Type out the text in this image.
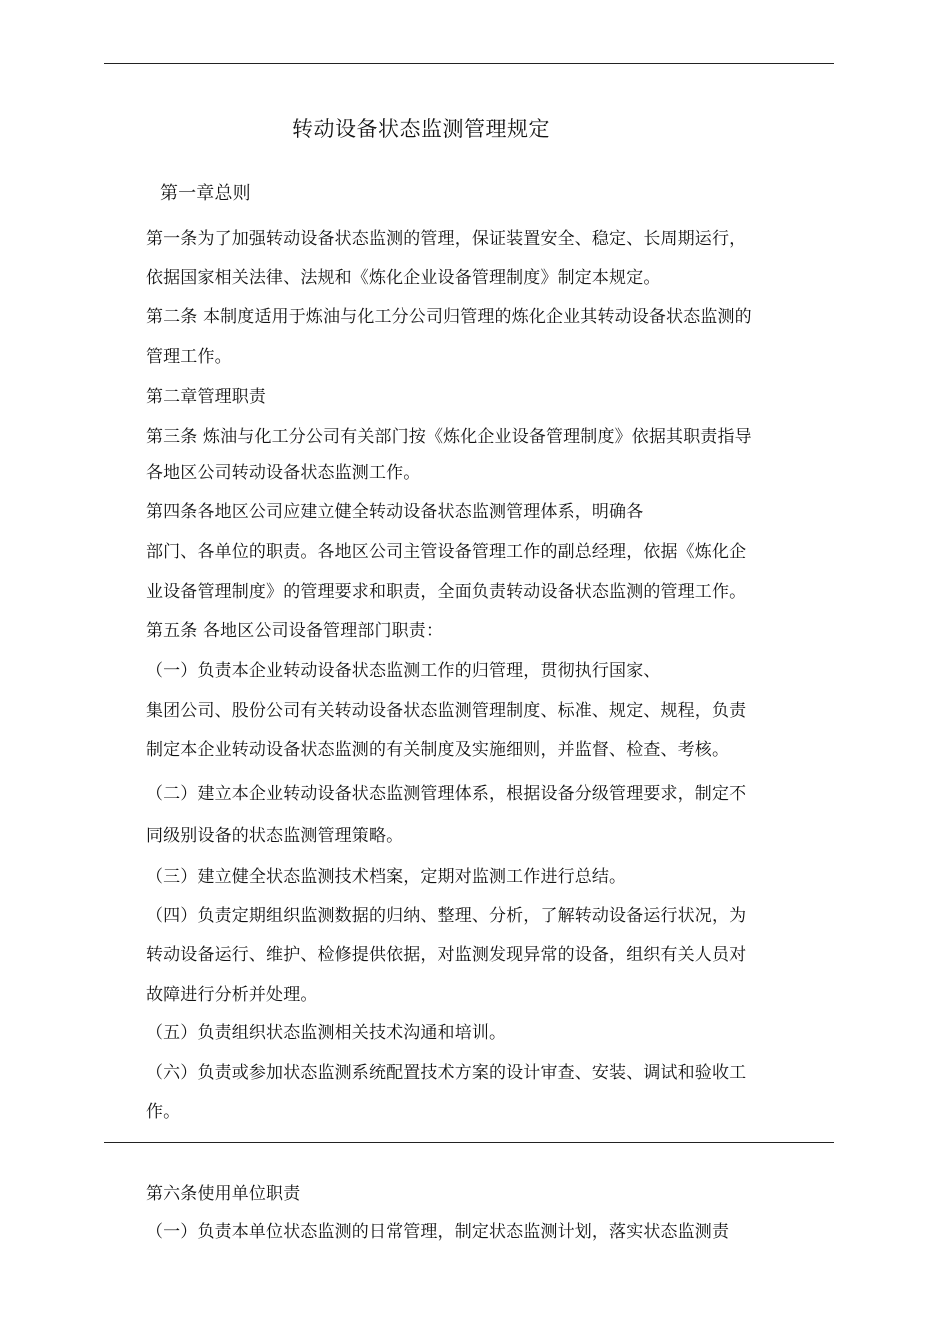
转动设备状态监测管理规定
第一章总则
第一条为了加强转动设备状态监测的管理，保证装置安全、稳定、长周期运行，
依据国家相关法律、法规和《炼化企业设备管理制度》制定本规定。
第二条 本制度适用于炼油与化工分公司归管理的炼化企业其转动设备状态监测的
管理工作。
第二章管理职责
第三条 炼油与化工分公司有关部门按《炼化企业设备管理制度》依据其职责指导
各地区公司转动设备状态监测工作。
第四条各地区公司应建立健全转动设备状态监测管理体系，明确各
部门、各单位的职责。各地区公司主管设备管理工作的副总经理，依据《炼化企
业设备管理制度》的管理要求和职责，全面负责转动设备状态监测的管理工作。
第五条 各地区公司设备管理部门职责：
（一）负责本企业转动设备状态监测工作的归管理，贯彻执行国家、
集团公司、股份公司有关转动设备状态监测管理制度、标准、规定、规程，负责
制定本企业转动设备状态监测的有关制度及实施细则，并监督、检查、考核。
（二）建立本企业转动设备状态监测管理体系，根据设备分级管理要求，制定不
同级别设备的状态监测管理策略。
（三）建立健全状态监测技术档案，定期对监测工作进行总结。
（四）负责定期组织监测数据的归纳、整理、分析，了解转动设备运行状况，为
转动设备运行、维护、检修提供依据，对监测发现异常的设备，组织有关人员对
故障进行分析并处理。
（五）负责组织状态监测相关技术沟通和培训。
（六）负责或参加状态监测系统配置技术方案的设计审查、安装、调试和验收工
作。
第六条使用单位职责
（一）负责本单位状态监测的日常管理，制定状态监测计划，落实状态监测责
